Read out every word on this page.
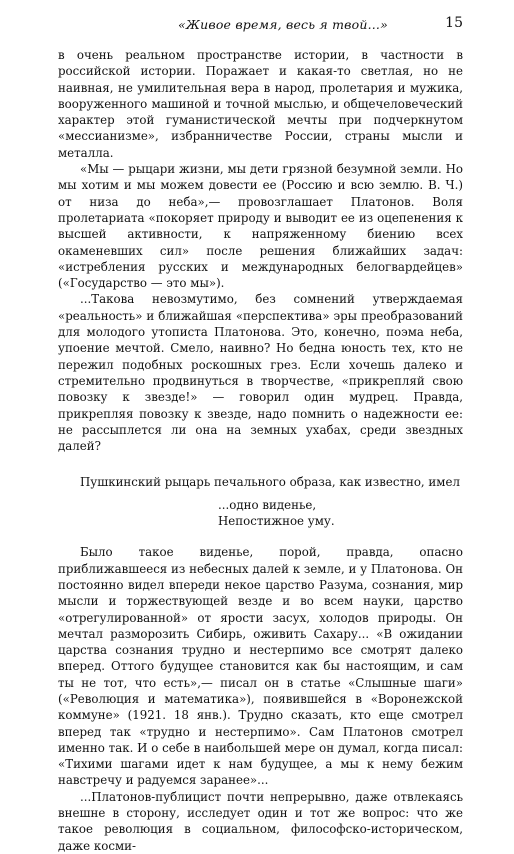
«Живое время, весь я твой...»	15

в очень реальном пространстве истории, в частности в российской истории. Поражает и какая-то светлая, но не наивная, не умилительная вера в народ, пролетария и мужика, вооруженного машиной и точной мыслью, и общечеловеческий характер этой гуманистической мечты при подчеркнутом «мессианизме», избранничестве России, страны мысли и металла.

«Мы — рыцари жизни, мы дети грязной безумной земли. Но мы хотим и мы можем довести ее (Россию и всю землю. В. Ч.) от низа до неба»,— провозглашает Платонов. Воля пролетариата «покоряет природу и выводит ее из оцепенения к высшей активности, к напряженному биению всех окаменевших сил» после решения ближайших задач: «истребления русских и международных белогвардейцев» («Государство — это мы»).

...Такова невозмутимо, без сомнений утверждаемая «реальность» и ближайшая «перспектива» эры преобразований для молодого утописта Платонова. Это, конечно, поэма неба, упоение мечтой. Смело, наивно? Но бедна юность тех, кто не пережил подобных роскошных грез. Если хочешь далеко и стремительно продвинуться в творчестве, «прикрепляй свою повозку к звезде!» — говорил один мудрец. Правда, прикрепляя повозку к звезде, надо помнить о надежности ее: не рассыплется ли она на земных ухабах, среди звездных далей?

Пушкинский рыцарь печального образа, как известно, имел

...одно виденье,
Непостижное уму.

Было такое виденье, порой, правда, опасно приближавшееся из небесных далей к земле, и у Платонова. Он постоянно видел впереди некое царство Разума, сознания, мир мысли и торжествующей везде и во всем науки, царство «отрегулированной» от ярости засух, холодов природы. Он мечтал разморозить Сибирь, оживить Сахару... «В ожидании царства сознания трудно и нестерпимо все смотрят далеко вперед. Оттого будущее становится как бы настоящим, и сам ты не тот, что есть»,— писал он в статье «Слышные шаги» («Революция и математика»), появившейся в «Воронежской коммуне» (1921. 18 янв.). Трудно сказать, кто еще смотрел вперед так «трудно и нестерпимо». Сам Платонов смотрел именно так. И о себе в наибольшей мере он думал, когда писал: «Тихими шагами идет к нам будущее, а мы к нему бежим навстречу и радуемся заранее»...

...Платонов-публицист почти непрерывно, даже отвлекаясь внешне в сторону, исследует один и тот же вопрос: что же такое революция в социальном, философско-историческом, даже косми-
